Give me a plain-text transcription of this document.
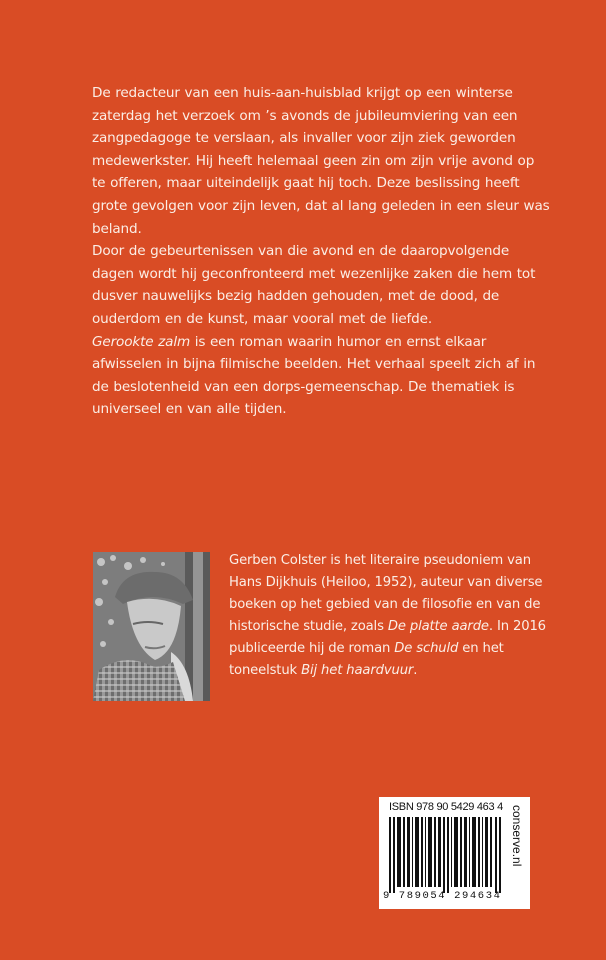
De redacteur van een huis-aan-huisblad krijgt op een winterse zaterdag het verzoek om ’s avonds de jubileumviering van een zangpedagoge te verslaan, als invaller voor zijn ziek geworden medewerkster. Hij heeft helemaal geen zin om zijn vrije avond op te offeren, maar uiteindelijk gaat hij toch. Deze beslissing heeft grote gevolgen voor zijn leven, dat al lang geleden in een sleur was beland.

Door de gebeurtenissen van die avond en de daaropvolgende dagen wordt hij geconfronteerd met wezenlijke zaken die hem tot dusver nauwelijks bezig hadden gehouden, met de dood, de ouderdom en de kunst, maar vooral met de liefde.

Gerookte zalm is een roman waarin humor en ernst elkaar afwisselen in bijna filmische beelden. Het verhaal speelt zich af in de beslotenheid van een dorps-gemeenschap. De thematiek is universeel en van alle tijden.

Gerben Colster is het literaire pseudoniem van Hans Dijkhuis (Heiloo, 1952), auteur van diverse boeken op het gebied van de filosofie en van de historische studie, zoals De platte aarde. In 2016 publiceerde hij de roman De schuld en het toneelstuk Bij het haardvuur.
ISBN 978 90 5429 463 4
9 789054 294634
conserve.nl
